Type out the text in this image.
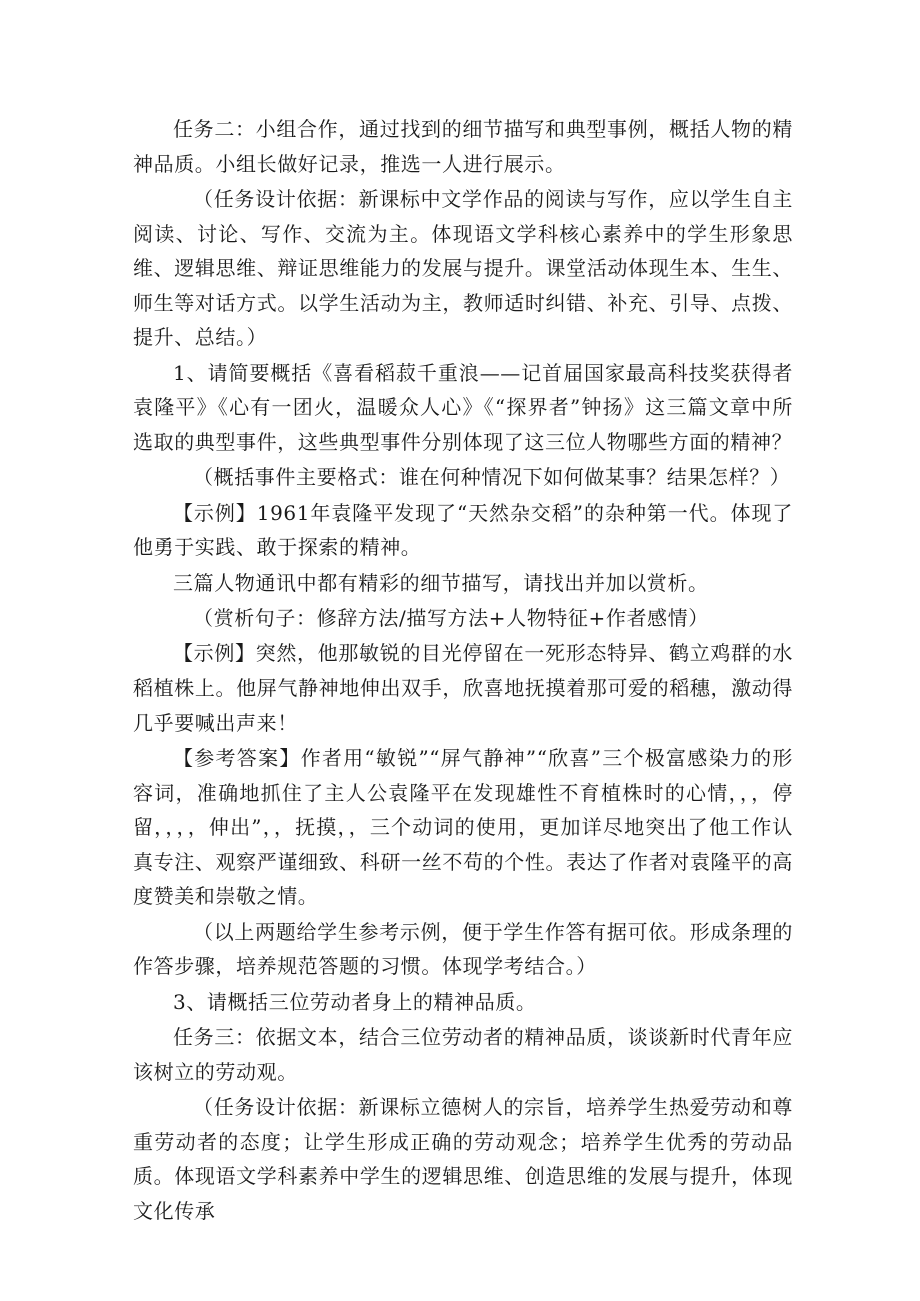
任务二：小组合作，通过找到的细节描写和典型事例，概括人物的精神品质。小组长做好记录，推选一人进行展示。

（任务设计依据：新课标中文学作品的阅读与写作，应以学生自主阅读、讨论、写作、交流为主。体现语文学科核心素养中的学生形象思维、逻辑思维、辩证思维能力的发展与提升。课堂活动体现生本、生生、师生等对话方式。以学生活动为主，教师适时纠错、补充、引导、点拨、提升、总结。）

1、请简要概括《喜看稻菽千重浪——记首届国家最高科技奖获得者袁隆平》《心有一团火，温暖众人心》《“探界者”钟扬》这三篇文章中所选取的典型事件，这些典型事件分别体现了这三位人物哪些方面的精神？

（概括事件主要格式：谁在何种情况下如何做某事？结果怎样？）

【示例】1961年袁隆平发现了“天然杂交稻”的杂种第一代。体现了他勇于实践、敢于探索的精神。

三篇人物通讯中都有精彩的细节描写，请找出并加以赏析。

（赏析句子：修辞方法/描写方法+人物特征+作者感情）

【示例】突然，他那敏锐的目光停留在一死形态特异、鹤立鸡群的水稻植株上。他屏气静神地伸出双手，欣喜地抚摸着那可爱的稻穗，激动得几乎要喊出声来！

【参考答案】作者用“敏锐”“屏气静神”“欣喜”三个极富感染力的形容词，准确地抓住了主人公袁隆平在发现雄性不育植株时的心情，，，停留，，，，伸出”，，抚摸，，三个动词的使用，更加详尽地突出了他工作认真专注、观察严谨细致、科研一丝不苟的个性。表达了作者对袁隆平的高度赞美和崇敬之情。

（以上两题给学生参考示例，便于学生作答有据可依。形成条理的作答步骤，培养规范答题的习惯。体现学考结合。）

3、请概括三位劳动者身上的精神品质。

任务三：依据文本，结合三位劳动者的精神品质，谈谈新时代青年应该树立的劳动观。

（任务设计依据：新课标立德树人的宗旨，培养学生热爱劳动和尊重劳动者的态度；让学生形成正确的劳动观念；培养学生优秀的劳动品质。体现语文学科素养中学生的逻辑思维、创造思维的发展与提升，体现文化传承
